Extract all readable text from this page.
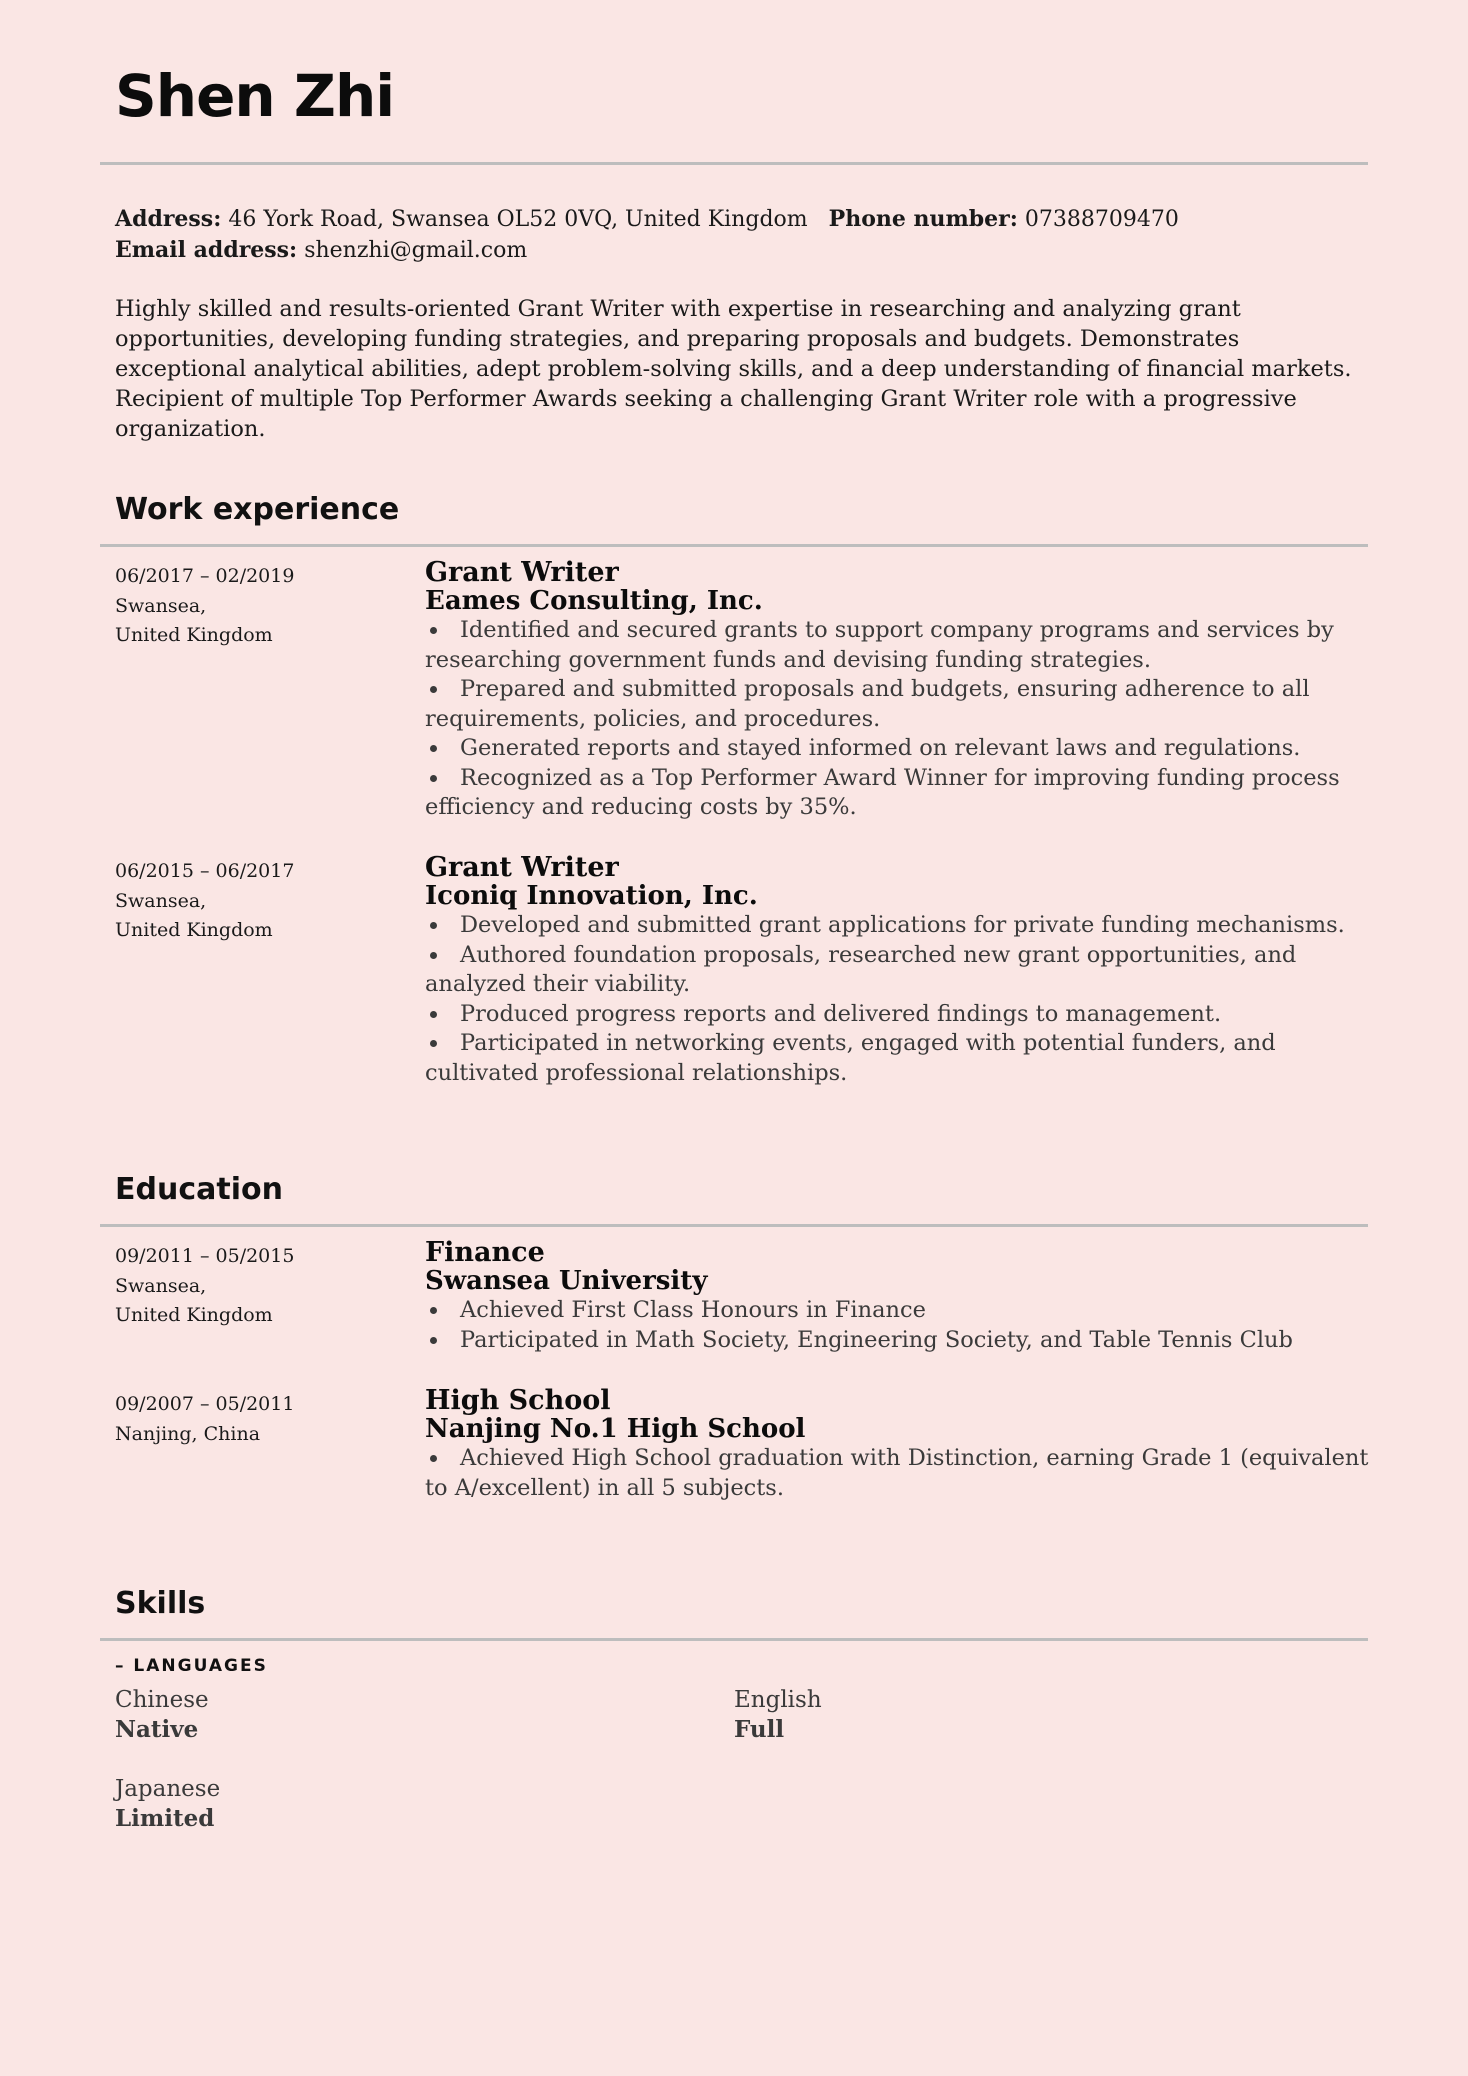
Shen Zhi
Address: 46 York Road, Swansea OL52 0VQ, United Kingdom Phone number: 07388709470
Email address: shenzhi@gmail.com

Highly skilled and results-oriented Grant Writer with expertise in researching and analyzing grant opportunities, developing funding strategies, and preparing proposals and budgets. Demonstrates exceptional analytical abilities, adept problem-solving skills, and a deep understanding of financial markets. Recipient of multiple Top Performer Awards seeking a challenging Grant Writer role with a progressive organization.

Work experience
06/2017 – 02/2019
Swansea,
United Kingdom
Grant Writer
Eames Consulting, Inc.
Identified and secured grants to support company programs and services by researching government funds and devising funding strategies.
Prepared and submitted proposals and budgets, ensuring adherence to all requirements, policies, and procedures.
Generated reports and stayed informed on relevant laws and regulations.
Recognized as a Top Performer Award Winner for improving funding process efficiency and reducing costs by 35%.
06/2015 – 06/2017
Swansea,
United Kingdom
Grant Writer
Iconiq Innovation, Inc.
Developed and submitted grant applications for private funding mechanisms.
Authored foundation proposals, researched new grant opportunities, and analyzed their viability.
Produced progress reports and delivered findings to management.
Participated in networking events, engaged with potential funders, and cultivated professional relationships.
Education
09/2011 – 05/2015
Swansea,
United Kingdom
Finance
Swansea University
Achieved First Class Honours in Finance
Participated in Math Society, Engineering Society, and Table Tennis Club
09/2007 – 05/2011
Nanjing, China
High School
Nanjing No.1 High School
Achieved High School graduation with Distinction, earning Grade 1 (equivalent to A/excellent) in all 5 subjects.
Skills
– LANGUAGES
Chinese
Native
English
Full
Japanese
Limited
